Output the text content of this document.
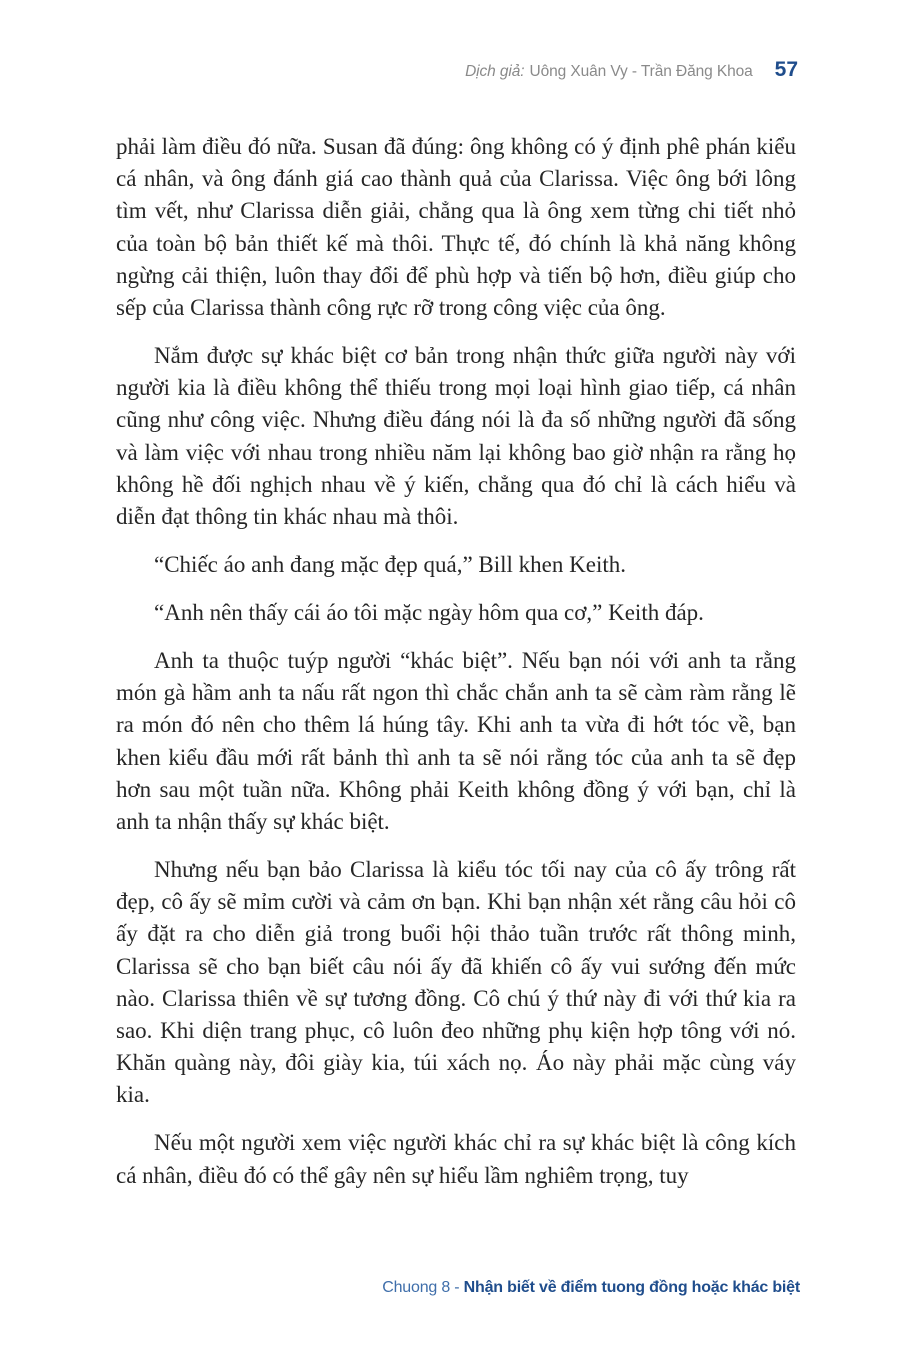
Dịch giả: Uông Xuân Vy - Trần Đăng Khoa 57

phải làm điều đó nữa. Susan đã đúng: ông không có ý định phê phán kiểu cá nhân, và ông đánh giá cao thành quả của Clarissa. Việc ông bới lông tìm vết, như Clarissa diễn giải, chẳng qua là ông xem từng chi tiết nhỏ của toàn bộ bản thiết kế mà thôi. Thực tế, đó chính là khả năng không ngừng cải thiện, luôn thay đổi để phù hợp và tiến bộ hơn, điều giúp cho sếp của Clarissa thành công rực rỡ trong công việc của ông.

Nắm được sự khác biệt cơ bản trong nhận thức giữa người này với người kia là điều không thể thiếu trong mọi loại hình giao tiếp, cá nhân cũng như công việc. Nhưng điều đáng nói là đa số những người đã sống và làm việc với nhau trong nhiều năm lại không bao giờ nhận ra rằng họ không hề đối nghịch nhau về ý kiến, chẳng qua đó chỉ là cách hiểu và diễn đạt thông tin khác nhau mà thôi.

“Chiếc áo anh đang mặc đẹp quá,” Bill khen Keith.

“Anh nên thấy cái áo tôi mặc ngày hôm qua cơ,” Keith đáp.

Anh ta thuộc tuýp người “khác biệt”. Nếu bạn nói với anh ta rằng món gà hầm anh ta nấu rất ngon thì chắc chắn anh ta sẽ càm ràm rằng lẽ ra món đó nên cho thêm lá húng tây. Khi anh ta vừa đi hớt tóc về, bạn khen kiểu đầu mới rất bảnh thì anh ta sẽ nói rằng tóc của anh ta sẽ đẹp hơn sau một tuần nữa. Không phải Keith không đồng ý với bạn, chỉ là anh ta nhận thấy sự khác biệt.

Nhưng nếu bạn bảo Clarissa là kiểu tóc tối nay của cô ấy trông rất đẹp, cô ấy sẽ mỉm cười và cảm ơn bạn. Khi bạn nhận xét rằng câu hỏi cô ấy đặt ra cho diễn giả trong buổi hội thảo tuần trước rất thông minh, Clarissa sẽ cho bạn biết câu nói ấy đã khiến cô ấy vui sướng đến mức nào. Clarissa thiên về sự tương đồng. Cô chú ý thứ này đi với thứ kia ra sao. Khi diện trang phục, cô luôn đeo những phụ kiện hợp tông với nó. Khăn quàng này, đôi giày kia, túi xách nọ. Áo này phải mặc cùng váy kia.

Nếu một người xem việc người khác chỉ ra sự khác biệt là công kích cá nhân, điều đó có thể gây nên sự hiểu lầm nghiêm trọng, tuy

Chuong 8 - Nhận biết về điểm tuong đồng hoặc khác biệt
